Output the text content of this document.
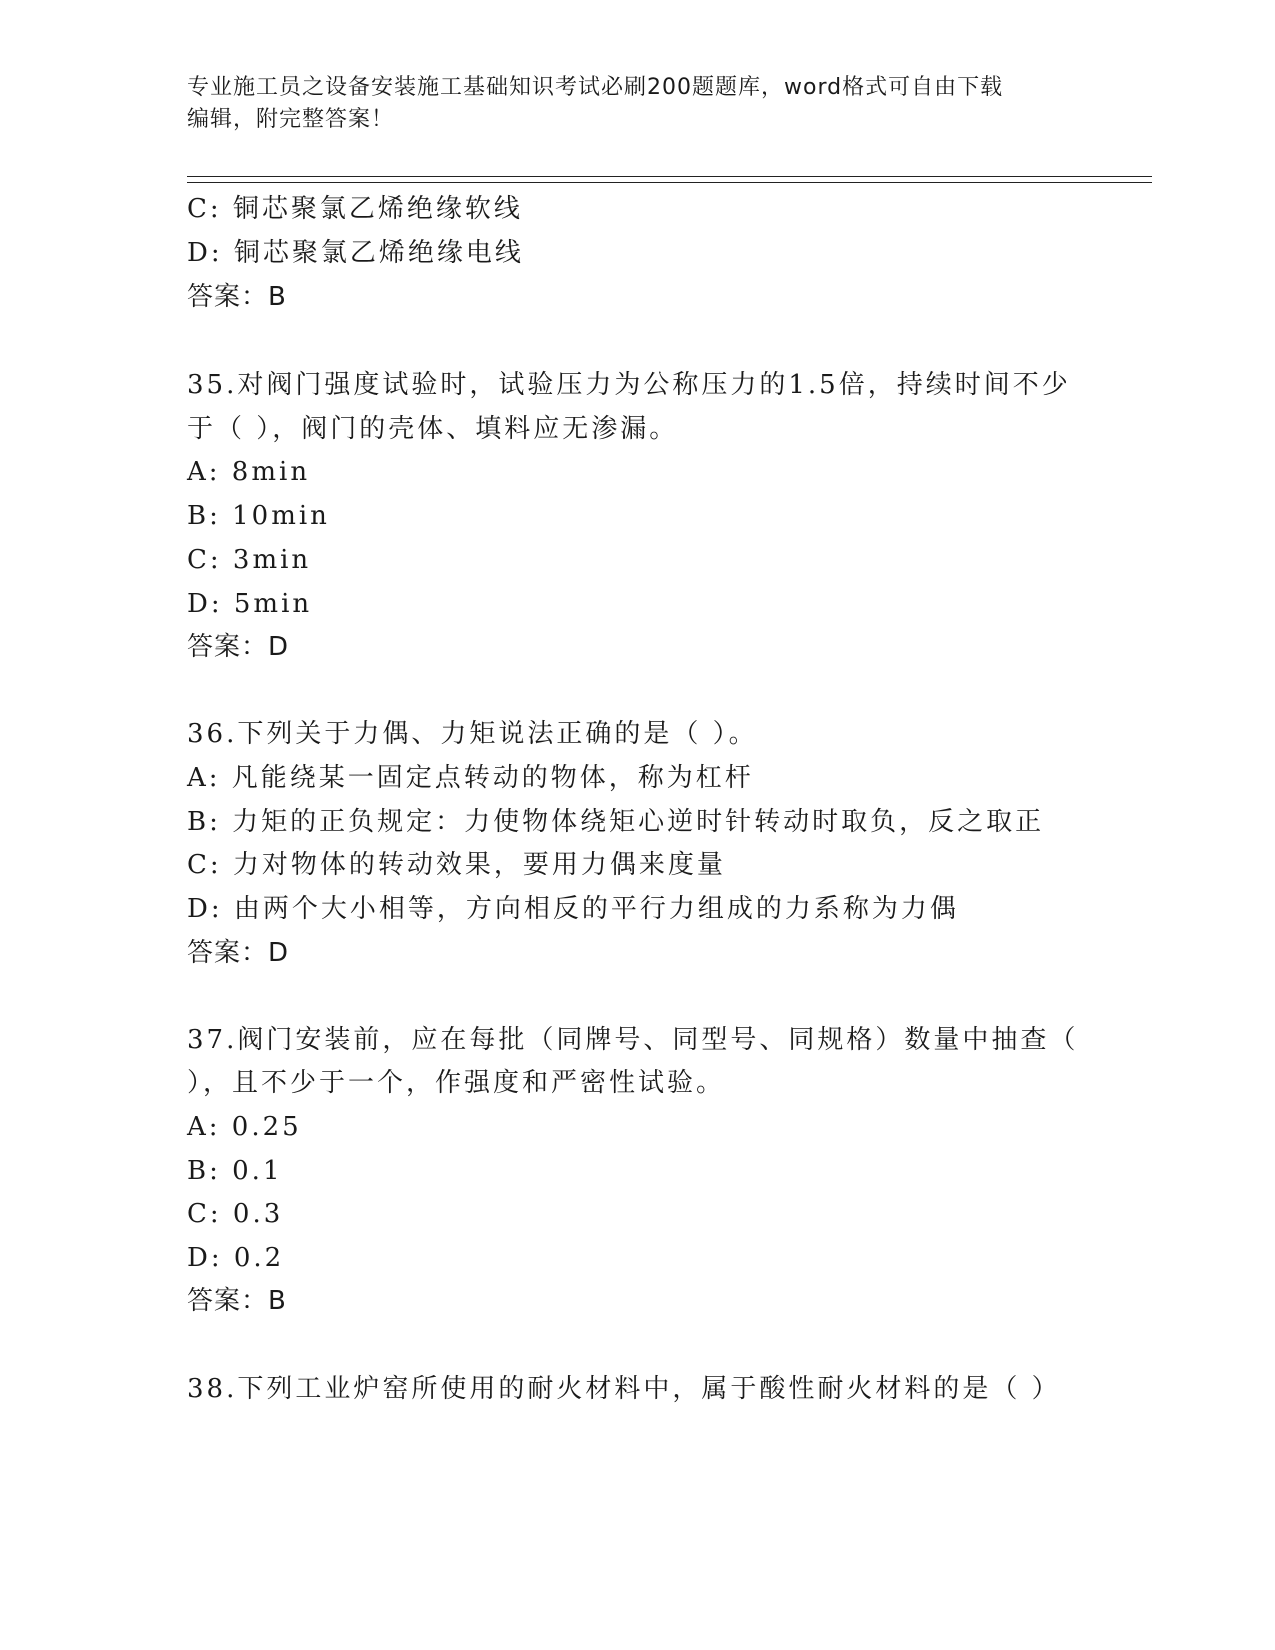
专业施工员之设备安装施工基础知识考试必刷200题题库，word格式可自由下载
编辑，附完整答案！
C: 铜芯聚氯乙烯绝缘软线
D: 铜芯聚氯乙烯绝缘电线
答案：B
35.对阀门强度试验时，试验压力为公称压力的1.5倍，持续时间不少
于（ ），阀门的壳体、填料应无渗漏。
A: 8min
B: 10min
C: 3min
D: 5min
答案：D
36.下列关于力偶、力矩说法正确的是（ ）。
A: 凡能绕某一固定点转动的物体，称为杠杆
B: 力矩的正负规定：力使物体绕矩心逆时针转动时取负，反之取正
C: 力对物体的转动效果，要用力偶来度量
D: 由两个大小相等，方向相反的平行力组成的力系称为力偶
答案：D
37.阀门安装前，应在每批（同牌号、同型号、同规格）数量中抽查（
），且不少于一个，作强度和严密性试验。
A: 0.25
B: 0.1
C: 0.3
D: 0.2
答案：B
38.下列工业炉窑所使用的耐火材料中，属于酸性耐火材料的是（ ）
